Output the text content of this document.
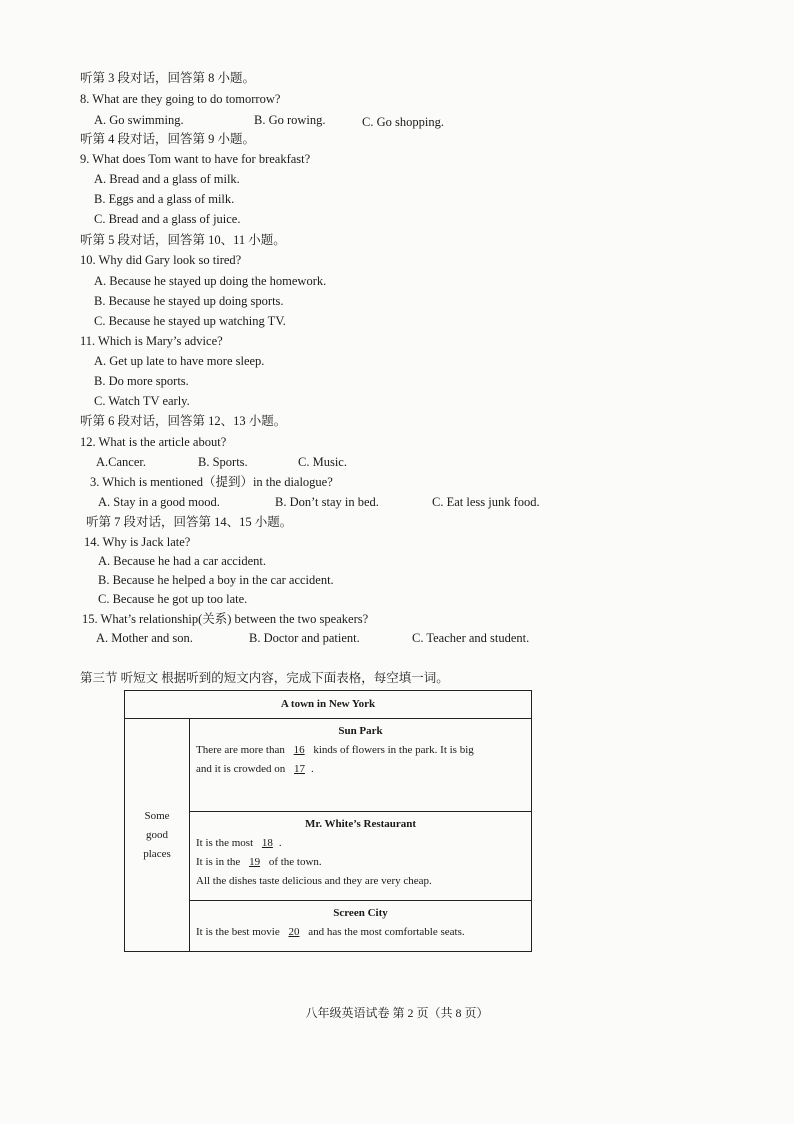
听第 3 段对话，回答第 8 小题。
8. What are they going to do tomorrow?
A. Go swimming.	B. Go rowing.	C. Go shopping.
听第 4 段对话，回答第 9 小题。
9. What does Tom want to have for breakfast?
A. Bread and a glass of milk.
B. Eggs and a glass of milk.
C. Bread and a glass of juice.
听第 5 段对话，回答第 10、11 小题。
10. Why did Gary look so tired?
A. Because he stayed up doing the homework.
B. Because he stayed up doing sports.
C. Because he stayed up watching TV.
11. Which is Mary’s advice?
A. Get up late to have more sleep.
B. Do more sports.
C. Watch TV early.
听第 6 段对话，回答第 12、13 小题。
12. What is the article about?
A.Cancer.	B. Sports.	C. Music.
3. Which is mentioned（提到）in the dialogue?
A. Stay in a good mood.	B. Don’t stay in bed.	C. Eat less junk food.
听第 7 段对话，回答第 14、15 小题。
14. Why is Jack late?
A. Because he had a car accident.
B. Because he helped a boy in the car accident.
C. Because he got up too late.
15. What’s relationship(关系) between the two speakers?
A. Mother and son.	B. Doctor and patient.	C. Teacher and student.
第三节 听短文 根据听到的短文内容，完成下面表格，每空填一词。
A town in New York

Some
good
places

Sun Park
There are more than 16 kinds of flowers in the park. It is big
and it is crowded on 17 .

Mr. White’s Restaurant
It is the most 18 .
It is in the 19 of the town.
All the dishes taste delicious and they are very cheap.

Screen City
It is the best movie 20 and has the most comfortable seats.
八年级英语试卷 第 2 页（共 8 页）
